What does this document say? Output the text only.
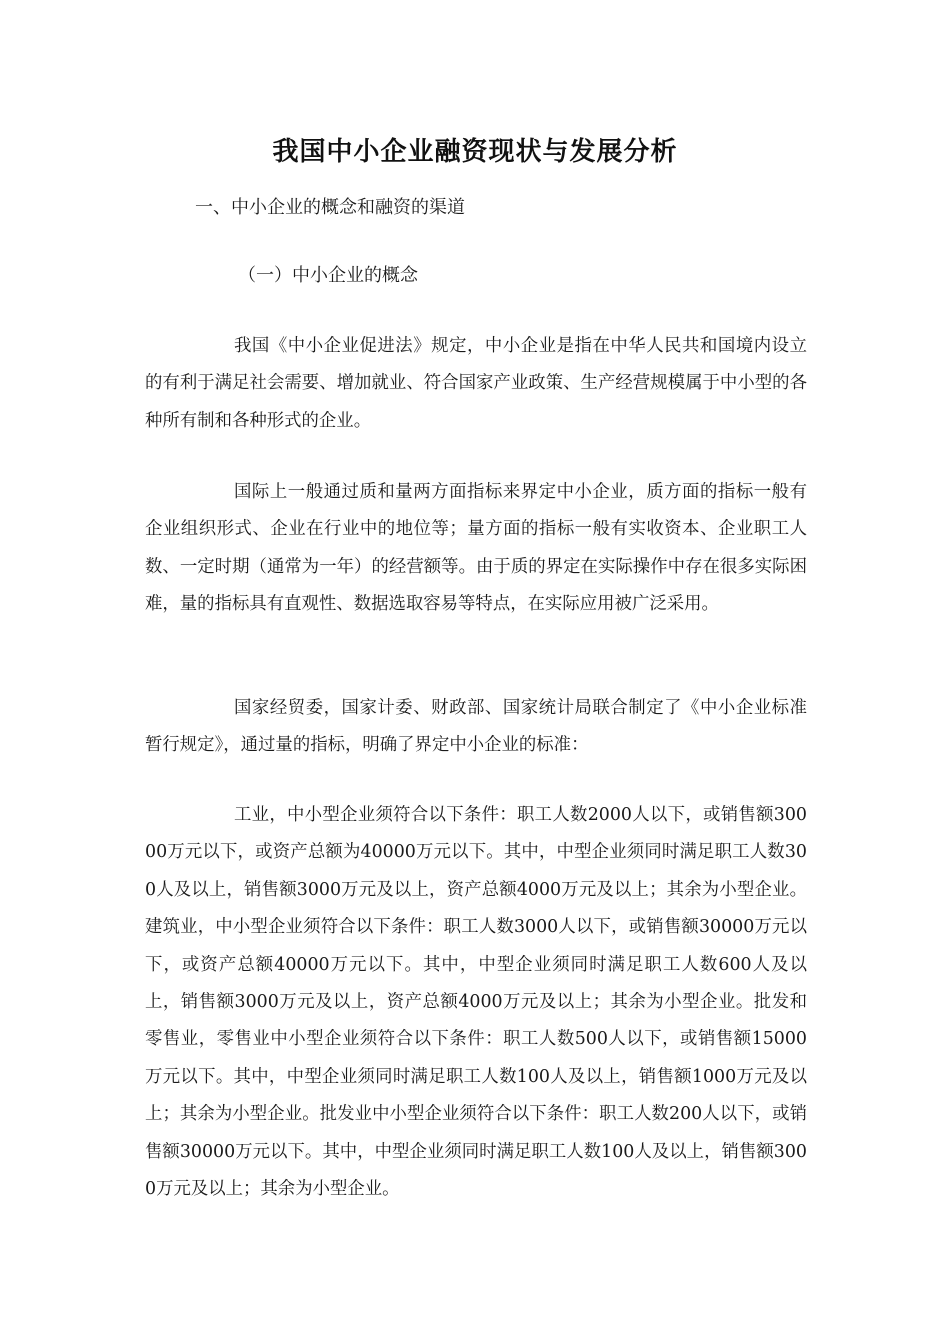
我国中小企业融资现状与发展分析

一、中小企业的概念和融资的渠道

（一）中小企业的概念

我国《中小企业促进法》规定，中小企业是指在中华人民共和国境内设立的有利于满足社会需要、增加就业、符合国家产业政策、生产经营规模属于中小型的各种所有制和各种形式的企业。

国际上一般通过质和量两方面指标来界定中小企业，质方面的指标一般有企业组织形式、企业在行业中的地位等；量方面的指标一般有实收资本、企业职工人数、一定时期（通常为一年）的经营额等。由于质的界定在实际操作中存在很多实际困难，量的指标具有直观性、数据选取容易等特点，在实际应用被广泛采用。

国家经贸委，国家计委、财政部、国家统计局联合制定了《中小企业标准暂行规定》，通过量的指标，明确了界定中小企业的标准：

工业，中小型企业须符合以下条件：职工人数2000人以下，或销售额30000万元以下，或资产总额为40000万元以下。其中，中型企业须同时满足职工人数300人及以上，销售额3000万元及以上，资产总额4000万元及以上；其余为小型企业。建筑业，中小型企业须符合以下条件：职工人数3000人以下，或销售额30000万元以下，或资产总额40000万元以下。其中，中型企业须同时满足职工人数600人及以上，销售额3000万元及以上，资产总额4000万元及以上；其余为小型企业。批发和零售业，零售业中小型企业须符合以下条件：职工人数500人以下，或销售额15000万元以下。其中，中型企业须同时满足职工人数100人及以上，销售额1000万元及以上；其余为小型企业。批发业中小型企业须符合以下条件：职工人数200人以下，或销售额30000万元以下。其中，中型企业须同时满足职工人数100人及以上，销售额3000万元及以上；其余为小型企业。
